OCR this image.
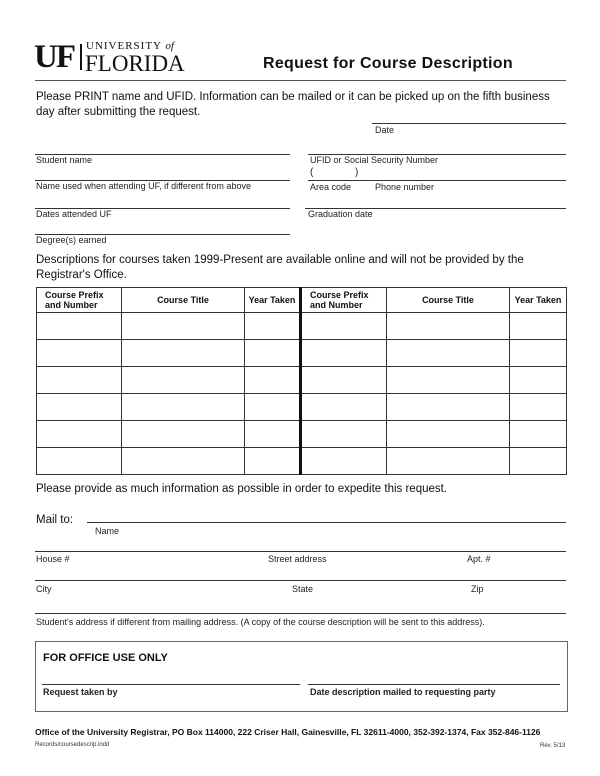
UF UNIVERSITY of
FLORIDA	Request for Course Description
Please PRINT name and UFID. Information can be mailed or it can be picked up on the fifth business day after submitting the request.
Date
Student name	UFID or Social Security Number
(	)
Name used when attending UF, if different from above	Area code	Phone number
Dates attended UF	Graduation date
Degree(s) earned
Descriptions for courses taken 1999-Present are available online and will not be provided by the Registrar's Office.
Course Prefix and Number	Course Title	Year Taken	Course Prefix and Number	Course Title	Year Taken

Please provide as much information as possible in order to expedite this request.
Mail to:
Name
House #	Street address	Apt. #
City	State	Zip
Student's address if different from mailing address. (A copy of the course description will be sent to this address).
FOR OFFICE USE ONLY
Request taken by	Date description mailed to requesting party
Office of the University Registrar, PO Box 114000, 222 Criser Hall, Gainesville, FL 32611-4000, 352-392-1374, Fax 352-846-1126
Records/coursedescrip.indd	Rev. 5/13
